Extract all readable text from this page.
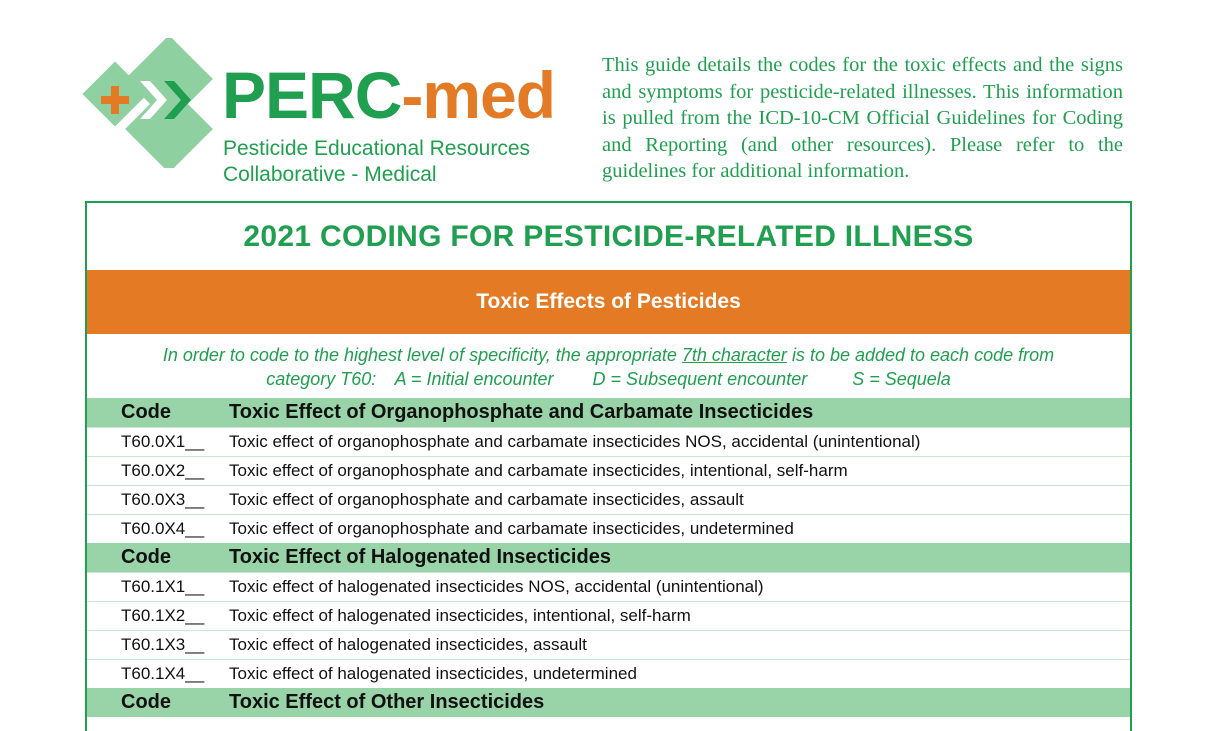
PERC-med
Pesticide Educational Resources
Collaborative - Medical
This guide details the codes for the toxic effects and the signs and symptoms for pesticide-related illnesses. This information is pulled from the ICD-10-CM Official Guidelines for Coding and Reporting (and other resources). Please refer to the guidelines for additional information.
2021 CODING FOR PESTICIDE-RELATED ILLNESS
Toxic Effects of Pesticides
In order to code to the highest level of specificity, the appropriate 7th character is to be added to each code from
category T60: A = Initial encounter D = Subsequent encounter	S = Sequela
Code	Toxic Effect of Organophosphate and Carbamate Insecticides
T60.0X1__	Toxic effect of organophosphate and carbamate insecticides NOS, accidental (unintentional)
T60.0X2__	Toxic effect of organophosphate and carbamate insecticides, intentional, self-harm
T60.0X3__	Toxic effect of organophosphate and carbamate insecticides, assault
T60.0X4__	Toxic effect of organophosphate and carbamate insecticides, undetermined
Code	Toxic Effect of Halogenated Insecticides
T60.1X1__	Toxic effect of halogenated insecticides NOS, accidental (unintentional)
T60.1X2__	Toxic effect of halogenated insecticides, intentional, self-harm
T60.1X3__	Toxic effect of halogenated insecticides, assault
T60.1X4__	Toxic effect of halogenated insecticides, undetermined
Code	Toxic Effect of Other Insecticides
